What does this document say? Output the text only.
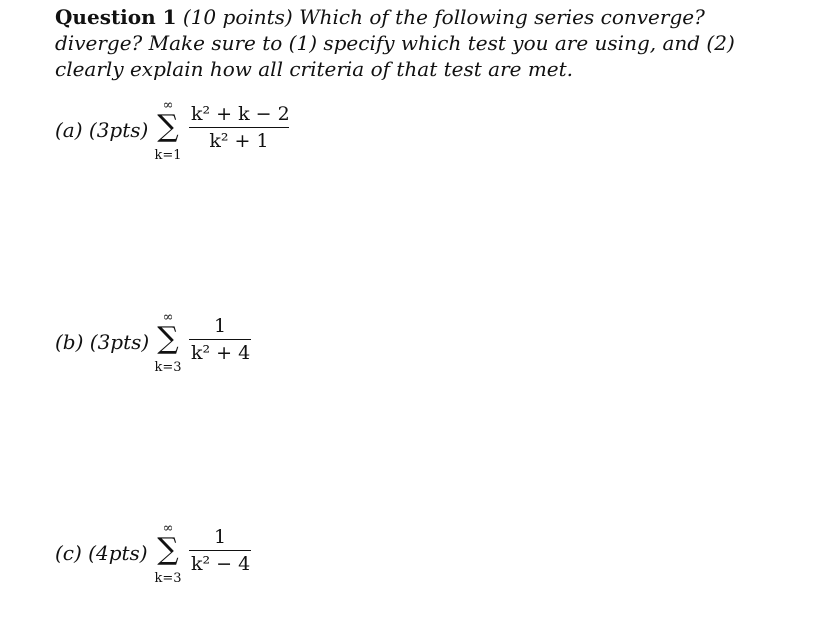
Question 1 (10 points) Which of the following series converge? diverge? Make sure to (1) specify which test you are using, and (2) clearly explain how all criteria of that test are met.
(a) (3pts)
∞
∑
k=1
k² + k − 2
k² + 1
(b) (3pts)
∞
∑
k=3
1
k² + 4
(c) (4pts)
∞
∑
k=3
1
k² − 4
